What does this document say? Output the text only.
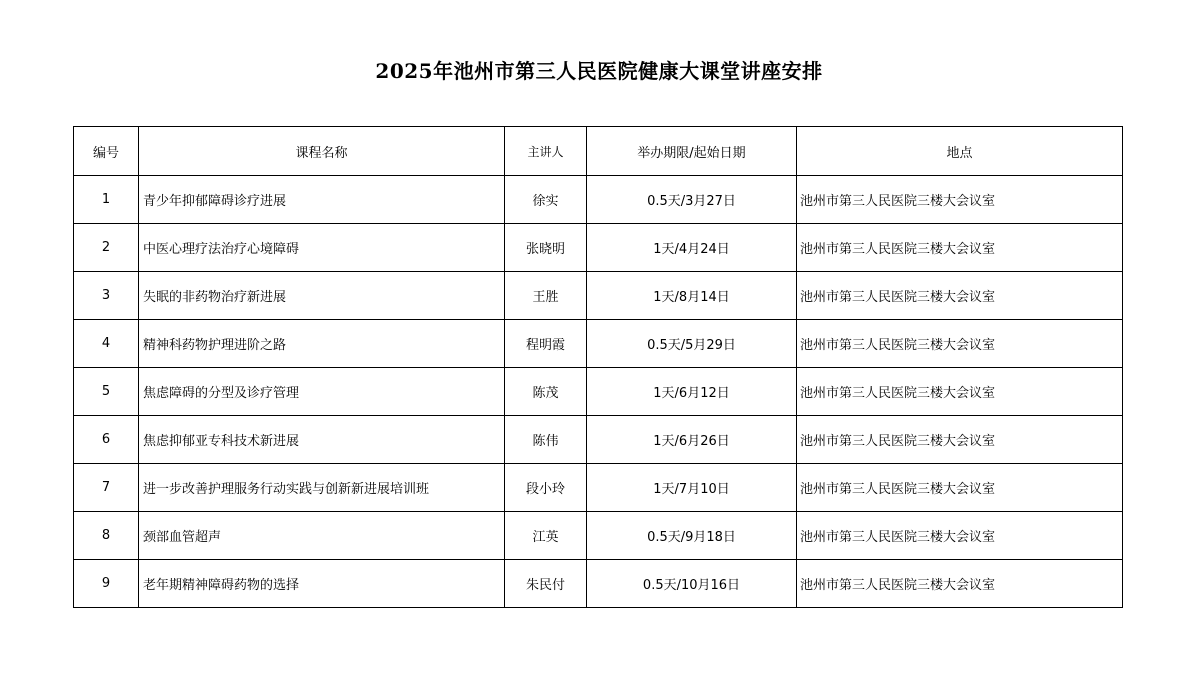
2025年池州市第三人民医院健康大课堂讲座安排
编号	课程名称	主讲人	举办期限/起始日期	地点
1	青少年抑郁障碍诊疗进展	徐实	0.5天/3月27日	池州市第三人民医院三楼大会议室
2	中医心理疗法治疗心境障碍	张晓明	1天/4月24日	池州市第三人民医院三楼大会议室
3	失眠的非药物治疗新进展	王胜	1天/8月14日	池州市第三人民医院三楼大会议室
4	精神科药物护理进阶之路	程明霞	0.5天/5月29日	池州市第三人民医院三楼大会议室
5	焦虑障碍的分型及诊疗管理	陈茂	1天/6月12日	池州市第三人民医院三楼大会议室
6	焦虑抑郁亚专科技术新进展	陈伟	1天/6月26日	池州市第三人民医院三楼大会议室
7	进一步改善护理服务行动实践与创新新进展培训班	段小玲	1天/7月10日	池州市第三人民医院三楼大会议室
8	颈部血管超声	江英	0.5天/9月18日	池州市第三人民医院三楼大会议室
9	老年期精神障碍药物的选择	朱民付	0.5天/10月16日	池州市第三人民医院三楼大会议室
